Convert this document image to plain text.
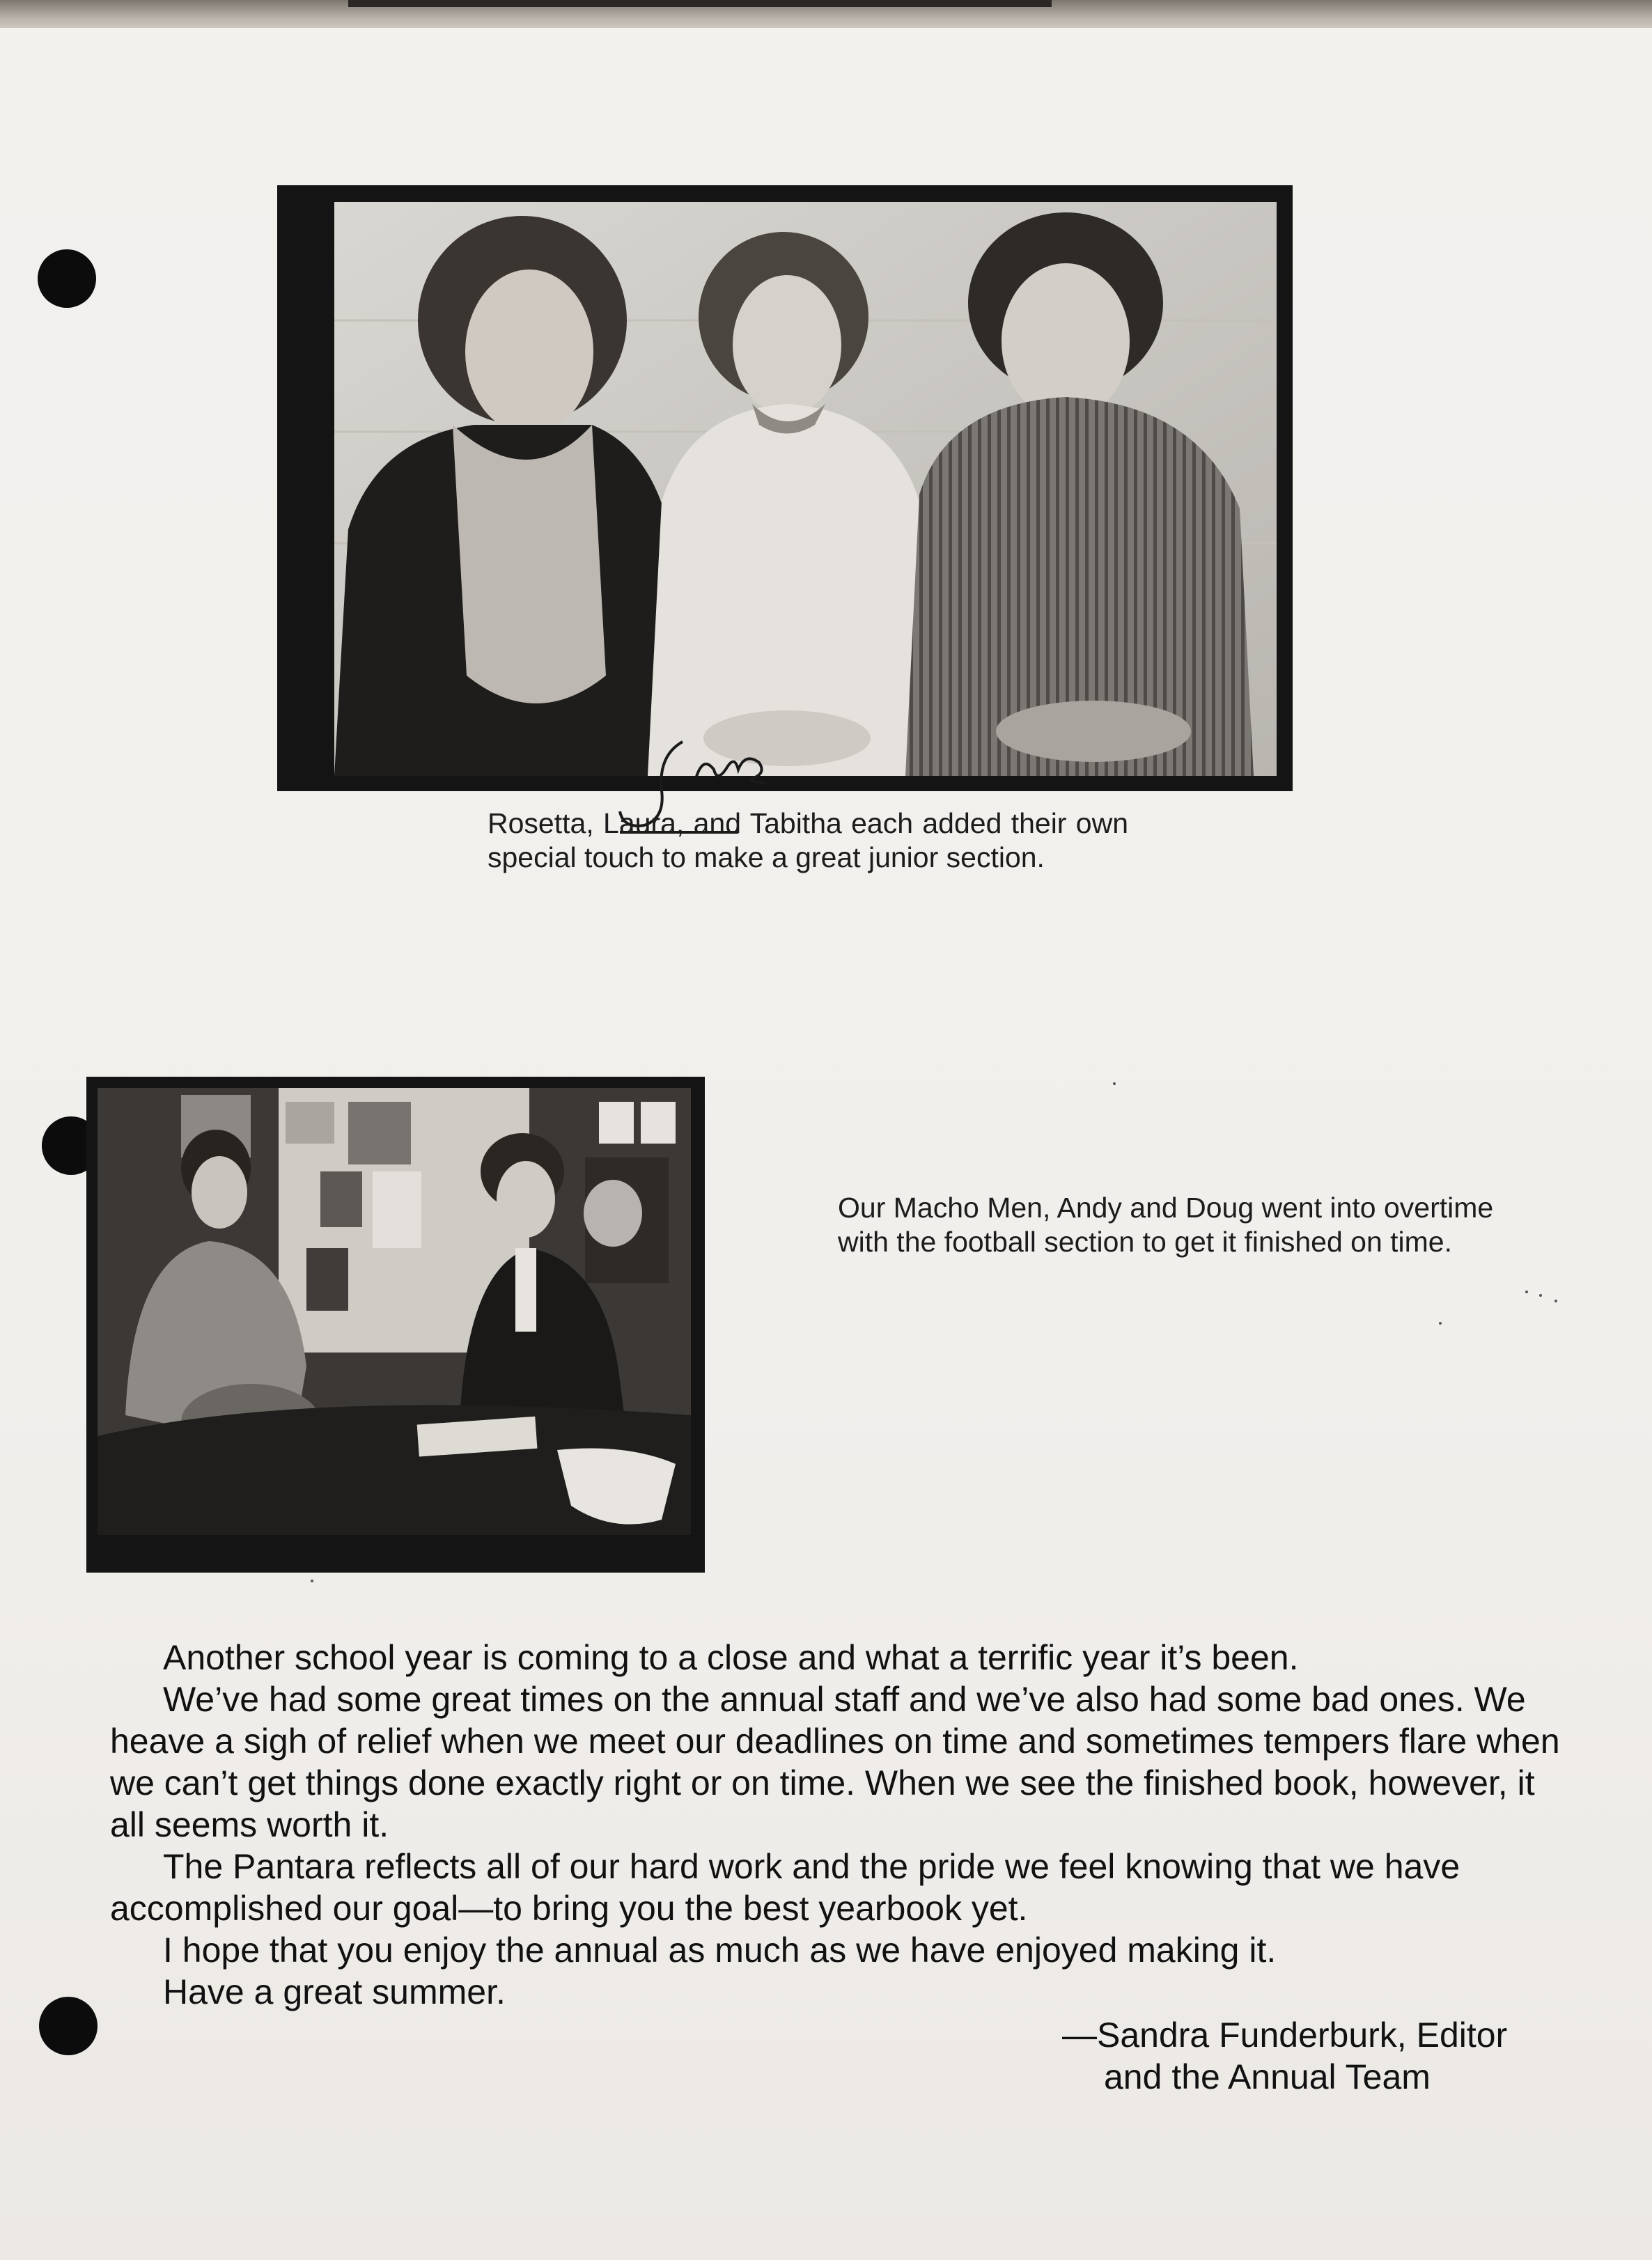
Rosetta, Laura, and Tabitha each added their own special touch to make a great junior section.
Our Macho Men, Andy and Doug went into overtime with the football section to get it finished on time.

Another school year is coming to a close and what a terrific year it’s been.

We’ve had some great times on the annual staff and we’ve also had some bad ones. We heave a sigh of relief when we meet our deadlines on time and sometimes tempers flare when we can’t get things done exactly right or on time. When we see the finished book, however, it all seems worth it.

The Pantara reflects all of our hard work and the pride we feel knowing that we have accomplished our goal—to bring you the best yearbook yet.

I hope that you enjoy the annual as much as we have enjoyed making it.

Have a great summer.

—Sandra Funderburk, Editor
and the Annual Team
